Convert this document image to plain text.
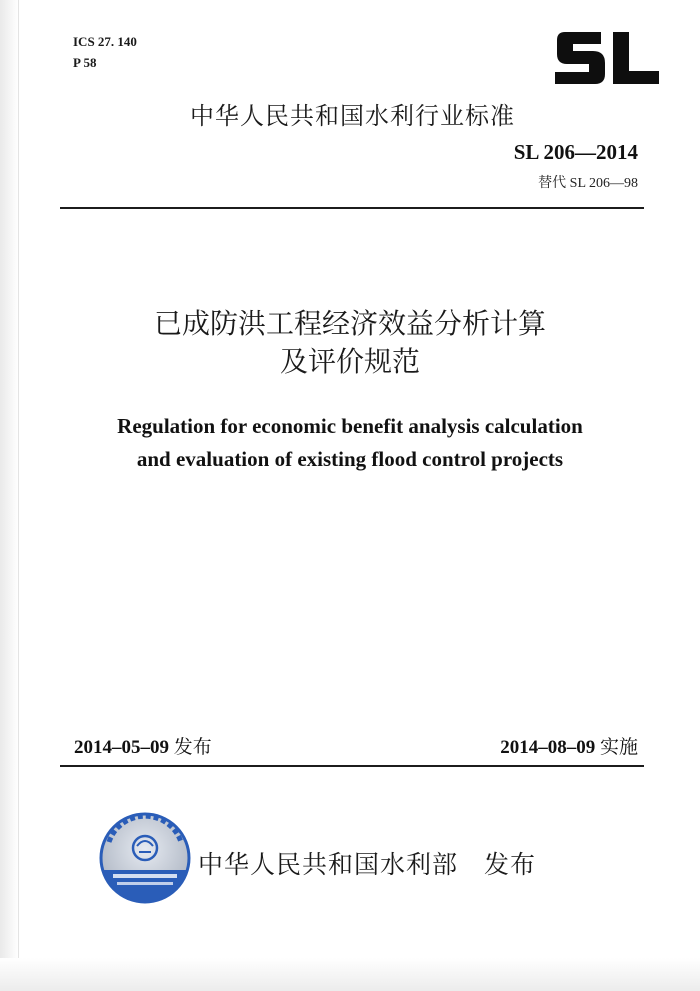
ICS 27. 140
P 58
中华人民共和国水利行业标准
SL 206—2014
替代 SL 206—98
已成防洪工程经济效益分析计算
及评价规范
Regulation for economic benefit analysis calculation
and evaluation of existing flood control projects
2014–05–09 发布	2014–08–09 实施
中华人民共和国水利部　发布
